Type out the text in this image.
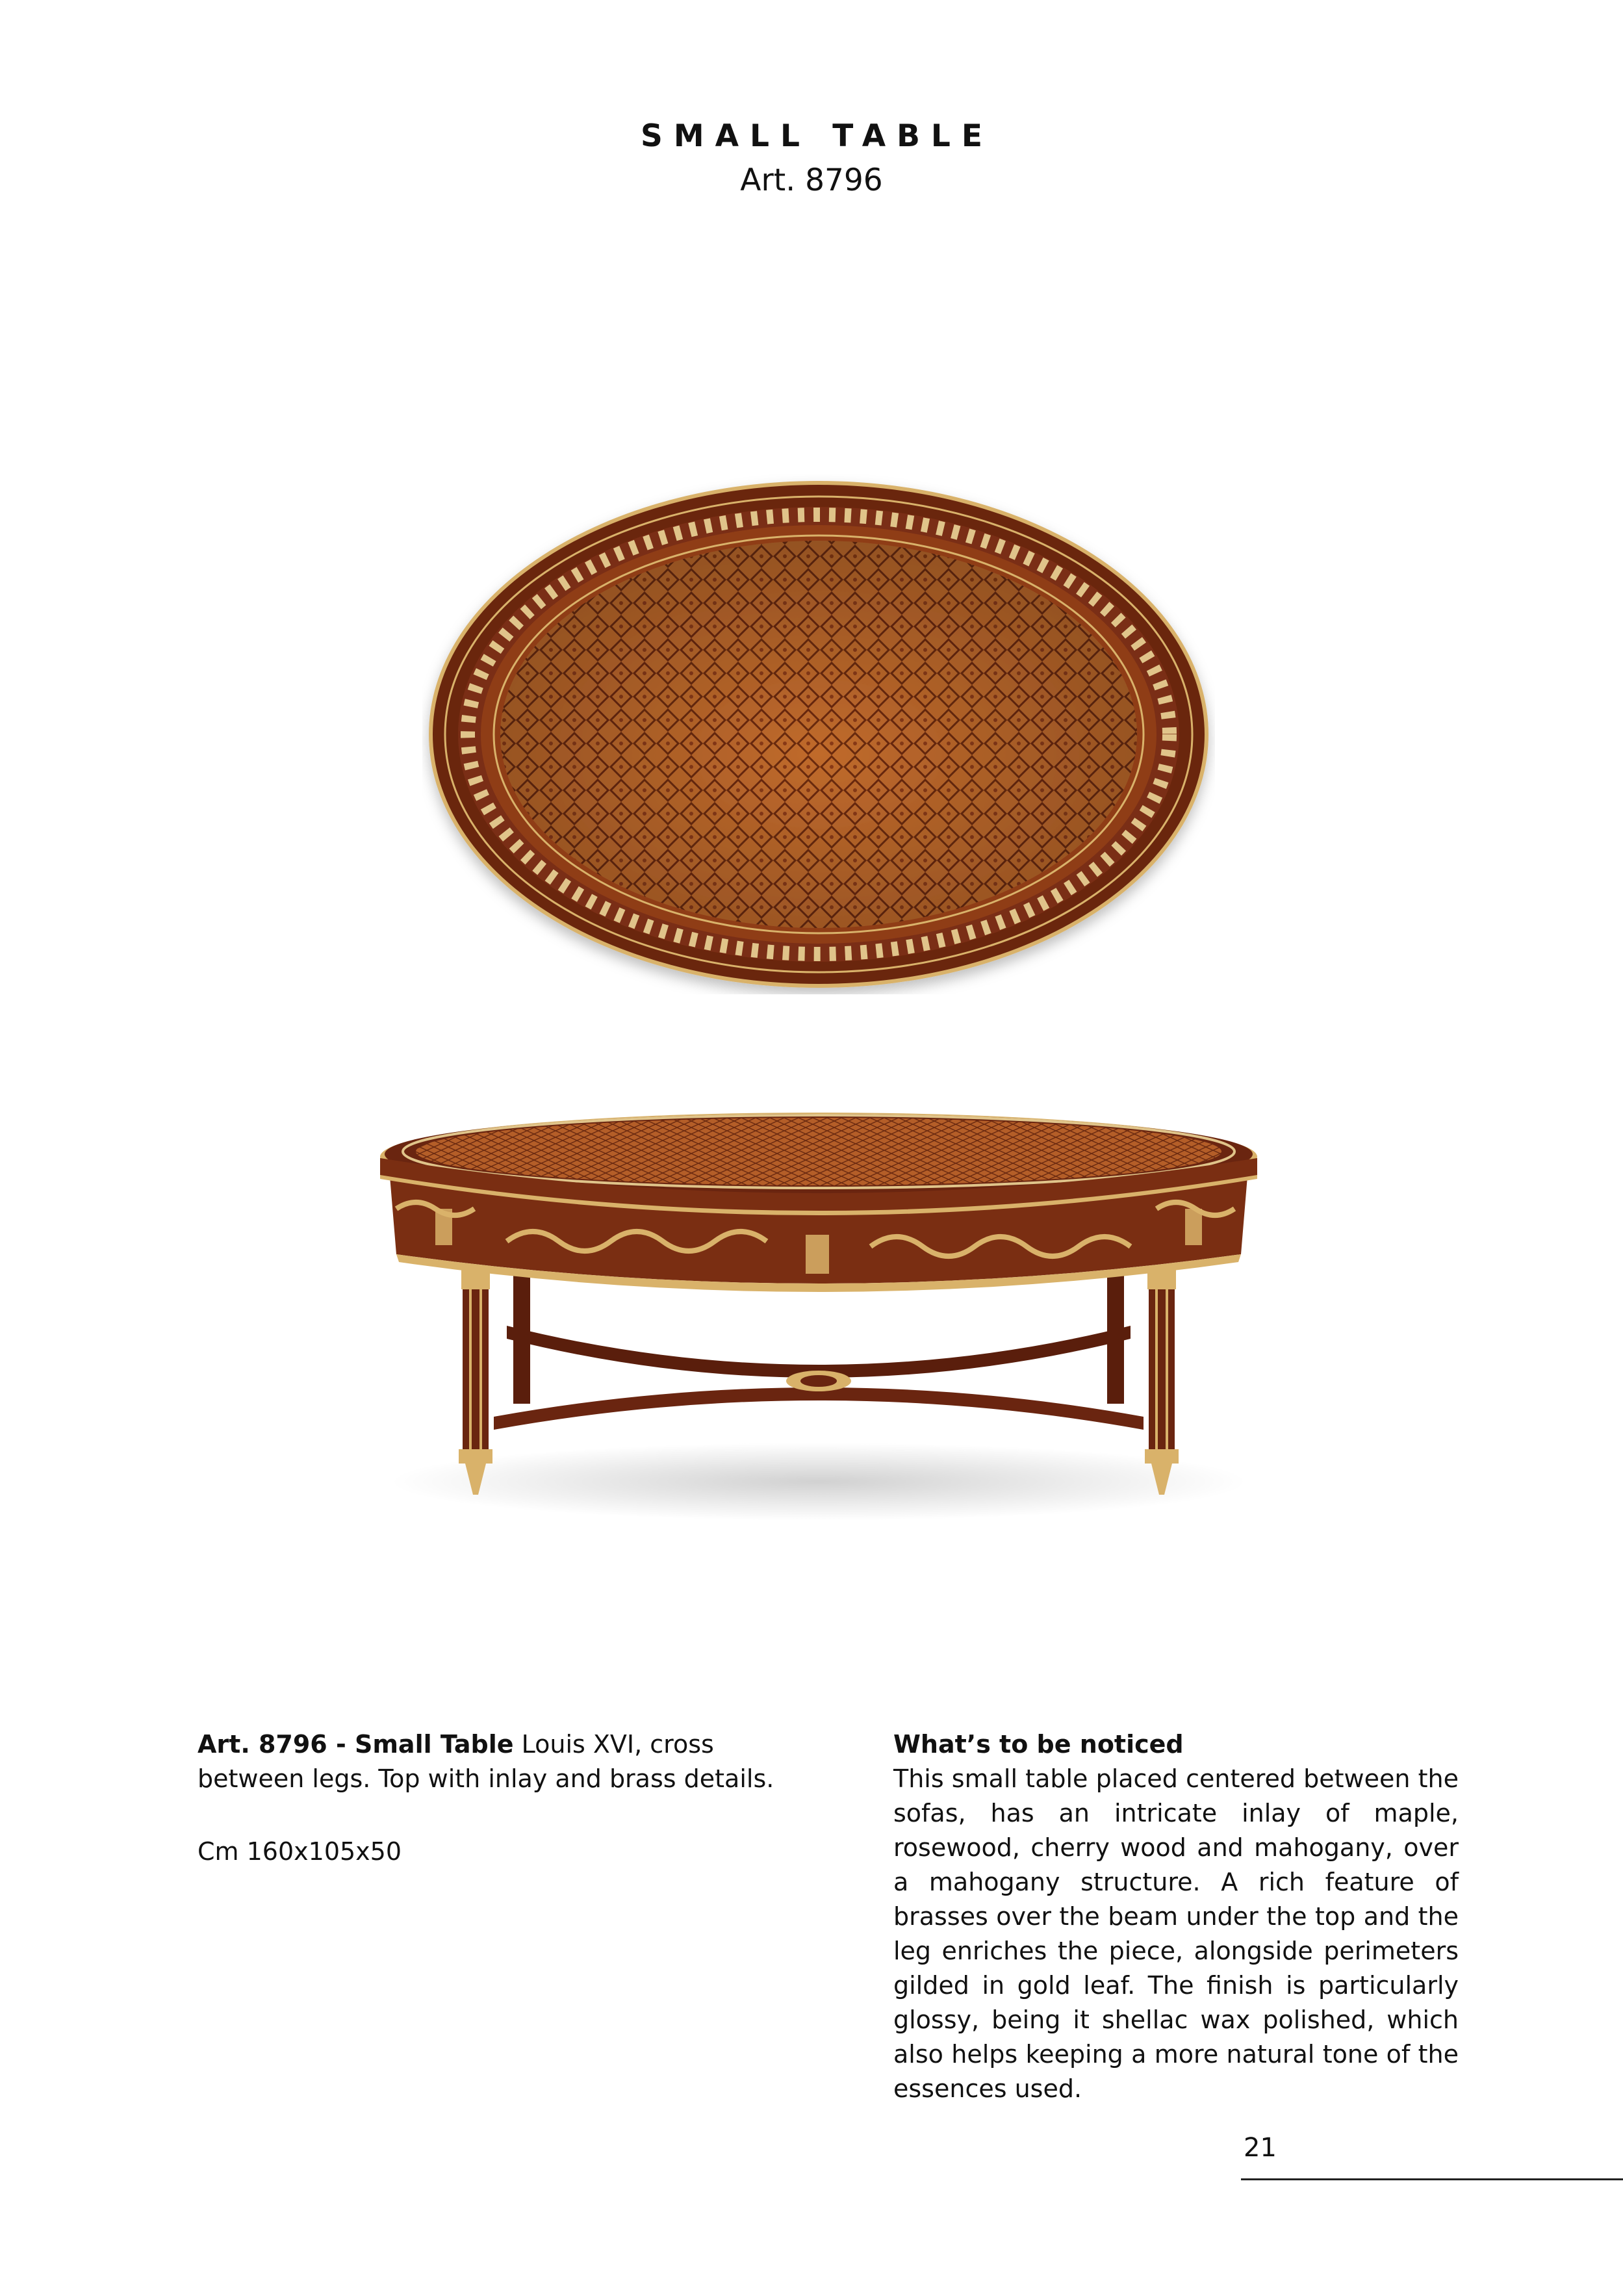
SMALL TABLE
Art. 8796
Art. 8796 - Small Table Louis XVI, cross between legs. Top with inlay and brass details.
Cm 160x105x50
What’s to be noticed
This small table placed centered between the sofas, has an intricate inlay of maple, rosewood, cherry wood and mahogany, over a mahogany structure. A rich feature of brasses over the beam under the top and the leg enriches the piece, alongside perimeters gilded in gold leaf. The finish is particularly glossy, being it shellac wax polished, which also helps keeping a more natural tone of the essences used.
21
